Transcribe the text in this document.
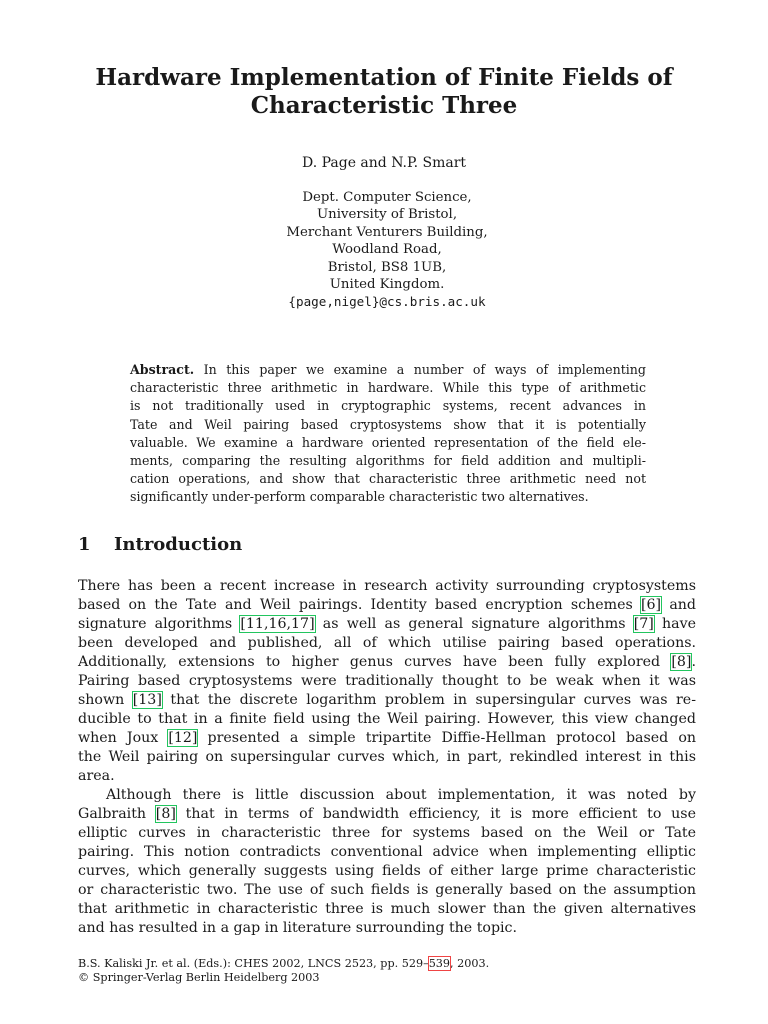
Hardware Implementation of Finite Fields of
Characteristic Three
D. Page and N.P. Smart
Dept. Computer Science,
University of Bristol,
Merchant Venturers Building,
Woodland Road,
Bristol, BS8 1UB,
United Kingdom.
{page,nigel}@cs.bris.ac.uk
Abstract. In this paper we examine a number of ways of implementing
characteristic three arithmetic in hardware. While this type of arithmetic
is not traditionally used in cryptographic systems, recent advances in
Tate and Weil pairing based cryptosystems show that it is potentially
valuable. We examine a hardware oriented representation of the field ele-
ments, comparing the resulting algorithms for field addition and multipli-
cation operations, and show that characteristic three arithmetic need not
significantly under-perform comparable characteristic two alternatives.
1 Introduction
There has been a recent increase in research activity surrounding cryptosystems
based on the Tate and Weil pairings. Identity based encryption schemes [6] and
signature algorithms [11,16,17] as well as general signature algorithms [7] have
been developed and published, all of which utilise pairing based operations.
Additionally, extensions to higher genus curves have been fully explored [8].
Pairing based cryptosystems were traditionally thought to be weak when it was
shown [13] that the discrete logarithm problem in supersingular curves was re-
ducible to that in a finite field using the Weil pairing. However, this view changed
when Joux [12] presented a simple tripartite Diffie-Hellman protocol based on
the Weil pairing on supersingular curves which, in part, rekindled interest in this
area.
Although there is little discussion about implementation, it was noted by
Galbraith [8] that in terms of bandwidth efficiency, it is more efficient to use
elliptic curves in characteristic three for systems based on the Weil or Tate
pairing. This notion contradicts conventional advice when implementing elliptic
curves, which generally suggests using fields of either large prime characteristic
or characteristic two. The use of such fields is generally based on the assumption
that arithmetic in characteristic three is much slower than the given alternatives
and has resulted in a gap in literature surrounding the topic.
B.S. Kaliski Jr. et al. (Eds.): CHES 2002, LNCS 2523, pp. 529–539, 2003.
© Springer-Verlag Berlin Heidelberg 2003
